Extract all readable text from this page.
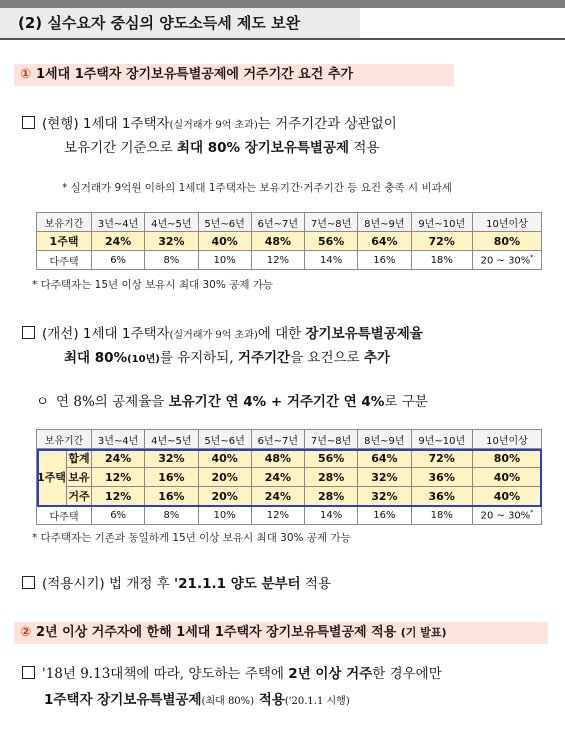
(2) 실수요자 중심의 양도소득세 제도 보완
① 1세대 1주택자 장기보유특별공제에 거주기간 요건 추가
(현행) 1세대 1주택자(실거래가 9억 초과)는 거주기간과 상관없이
보유기간 기준으로 최대 80% 장기보유특별공제 적용
* 실거래가 9억원 이하의 1세대 1주택자는 보유기간·거주기간 등 요건 충족 시 비과세
보유기간	3년~4년	4년~5년	5년~6년	6년~7년	7년~8년	8년~9년	9년~10년	10년이상
1주택	24%	32%	40%	48%	56%	64%	72%	80%
다주택	6%	8%	10%	12%	14%	16%	18%	20 ~ 30%*
* 다주택자는 15년 이상 보유시 최대 30% 공제 가능
(개선) 1세대 1주택자(실거래가 9억 초과)에 대한 장기보유특별공제율
최대 80%(10년)를 유지하되, 거주기간을 요건으로 추가
ㅇ 연 8%의 공제율을 보유기간 연 4% + 거주기간 연 4%로 구분
보유기간		3년~4년	4년~5년	5년~6년	6년~7년	7년~8년	8년~9년	9년~10년	10년이상
1주택	합계	24%	32%	40%	48%	56%	64%	72%	80%
	보유	12%	16%	20%	24%	28%	32%	36%	40%
	거주	12%	16%	20%	24%	28%	32%	36%	40%
다주택		6%	8%	10%	12%	14%	16%	18%	20 ~ 30%*
* 다주택자는 기존과 동일하게 15년 이상 보유시 최대 30% 공제 가능
(적용시기) 법 개정 후 '21.1.1 양도 분부터 적용
② 2년 이상 거주자에 한해 1세대 1주택자 장기보유특별공제 적용 (기 발표)
'18년 9.13대책에 따라, 양도하는 주택에 2년 이상 거주한 경우에만
1주택자 장기보유특별공제(최대 80%) 적용('20.1.1 시행)
